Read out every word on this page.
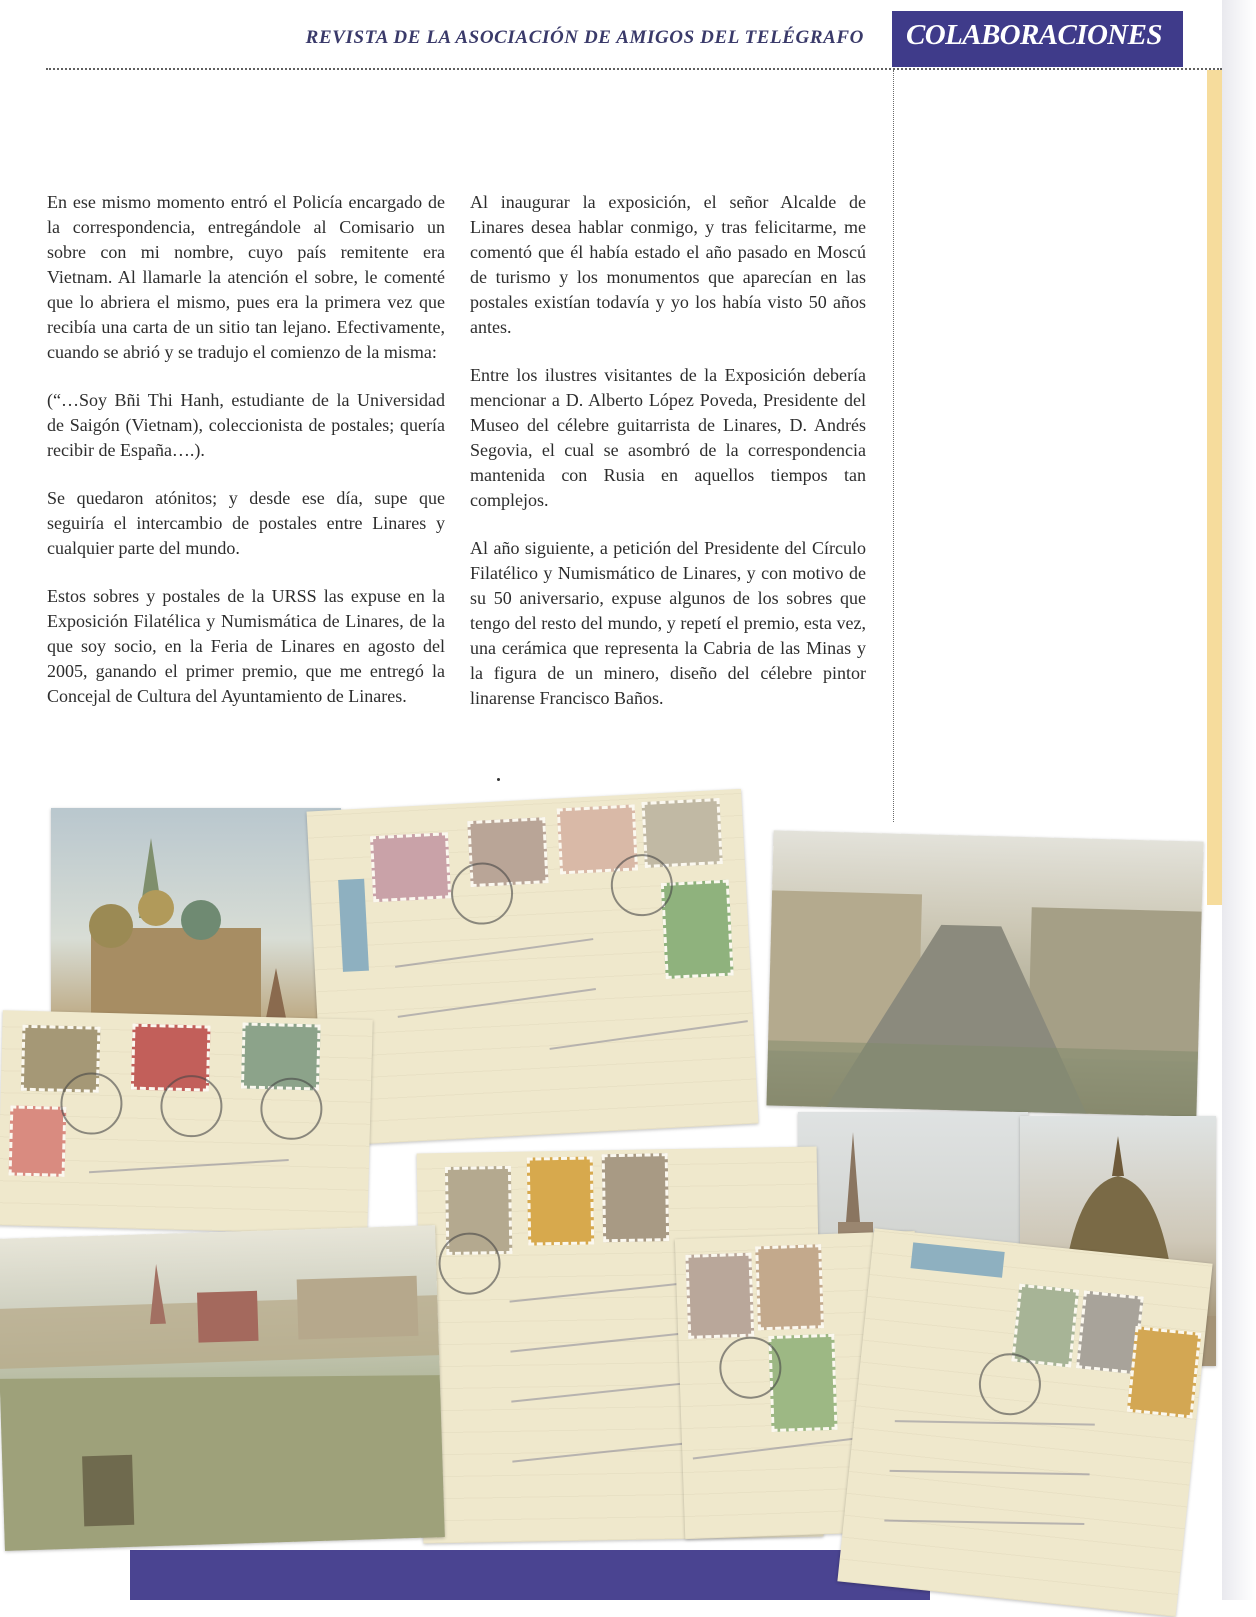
REVISTA DE LA ASOCIACIÓN DE AMIGOS DEL TELÉGRAFO COLABORACIONES

En ese mismo momento entró el Policía encargado de la correspondencia, entregándole al Comisario un sobre con mi nombre, cuyo país remitente era Vietnam. Al llamarle la atención el sobre, le comenté que lo abriera el mismo, pues era la primera vez que recibía una carta de un sitio tan lejano. Efectivamente, cuando se abrió y se tradujo el comienzo de la misma:

(“…Soy Bñi Thi Hanh, estudiante de la Universidad de Saigón (Vietnam), coleccionista de postales; quería recibir de España….).

Se quedaron atónitos; y desde ese día, supe que seguiría el intercambio de postales entre Linares y cualquier parte del mundo.

Estos sobres y postales de la URSS las expuse en la Exposición Filatélica y Numismática de Linares, de la que soy socio, en la Feria de Linares en agosto del 2005, ganando el primer premio, que me entregó la Concejal de Cultura del Ayuntamiento de Linares.

Al inaugurar la exposición, el señor Alcalde de Linares desea hablar conmigo, y tras felicitarme, me comentó que él había estado el año pasado en Moscú de turismo y los monumentos que aparecían en las postales existían todavía y yo los había visto 50 años antes.

Entre los ilustres visitantes de la Exposición debería mencionar a D. Alberto López Poveda, Presidente del Museo del célebre guitarrista de Linares, D. Andrés Segovia, el cual se asombró de la correspondencia mantenida con Rusia en aquellos tiempos tan complejos.

Al año siguiente, a petición del Presidente del Círculo Filatélico y Numismático de Linares, y con motivo de su 50 aniversario, expuse algunos de los sobres que tengo del resto del mundo, y repetí el premio, esta vez, una cerámica que representa la Cabria de las Minas y la figura de un minero, diseño del célebre pintor linarense Francisco Baños.
